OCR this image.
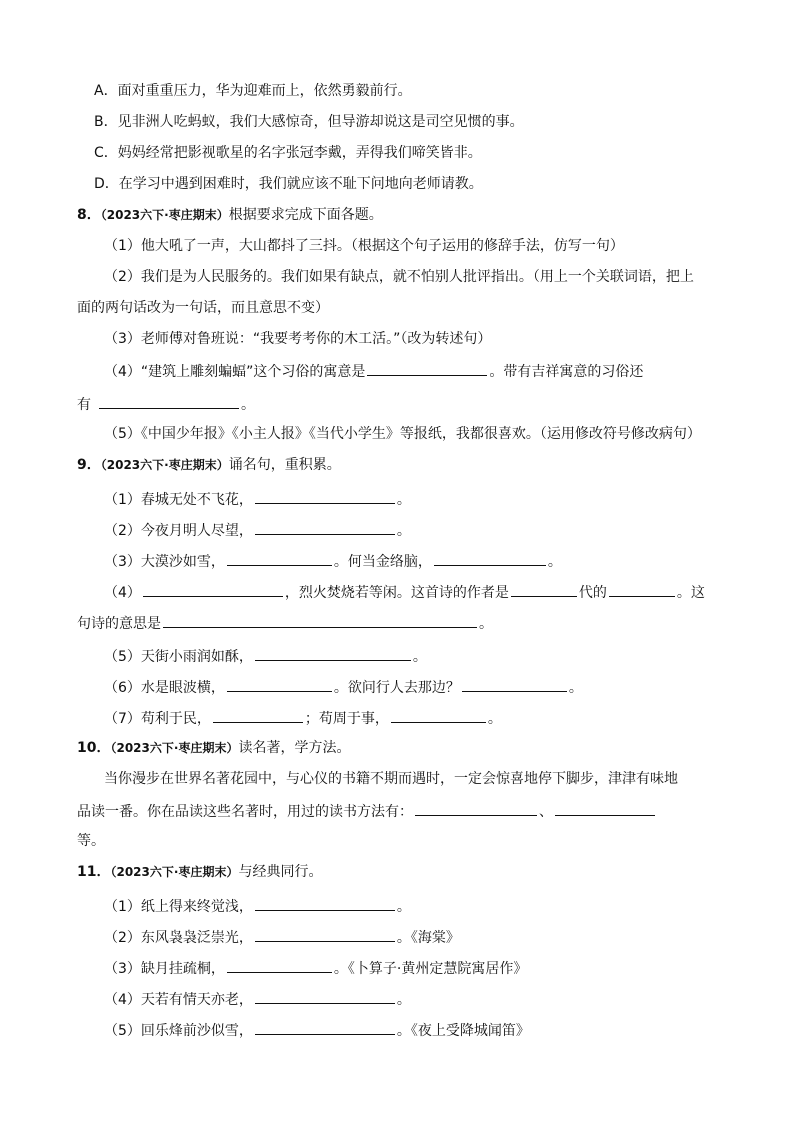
A．面对重重压力，华为迎难而上，依然勇毅前行。
B．见非洲人吃蚂蚁，我们大感惊奇，但导游却说这是司空见惯的事。
C．妈妈经常把影视歌星的名字张冠李戴，弄得我们啼笑皆非。
D．在学习中遇到困难时，我们就应该不耻下问地向老师请教。
8．（2023六下·枣庄期末）根据要求完成下面各题。
（1）他大吼了一声，大山都抖了三抖。（根据这个句子运用的修辞手法，仿写一句）
（2）我们是为人民服务的。我们如果有缺点，就不怕别人批评指出。（用上一个关联词语，把上
面的两句话改为一句话，而且意思不变）
（3）老师傅对鲁班说：“我要考考你的木工活。”（改为转述句）
（4）“建筑上雕刻蝙蝠”这个习俗的寓意是	。带有吉祥寓意的习俗还
有	。
（5）《中国少年报》《小主人报》《当代小学生》等报纸，我都很喜欢。（运用修改符号修改病句）
9．（2023六下·枣庄期末）诵名句，重积累。
（1）春城无处不飞花，	。
（2）今夜月明人尽望，	。
（3）大漠沙如雪，	。何当金络脑，	。
（4）	，烈火焚烧若等闲。这首诗的作者是	代的	。这
句诗的意思是	。
（5）天街小雨润如酥，	。
（6）水是眼波横，	。欲问行人去那边？	。
（7）苟利于民，	；苟周于事，	。
10．（2023六下·枣庄期末）读名著，学方法。
当你漫步在世界名著花园中，与心仪的书籍不期而遇时，一定会惊喜地停下脚步，津津有味地
品读一番。你在品读这些名著时，用过的读书方法有：	、
等。
11．（2023六下·枣庄期末）与经典同行。
（1）纸上得来终觉浅，	。
（2）东风袅袅泛崇光，	。《海棠》
（3）缺月挂疏桐，	。《卜算子·黄州定慧院寓居作》
（4）天若有情天亦老，	。
（5）回乐烽前沙似雪，	。《夜上受降城闻笛》
